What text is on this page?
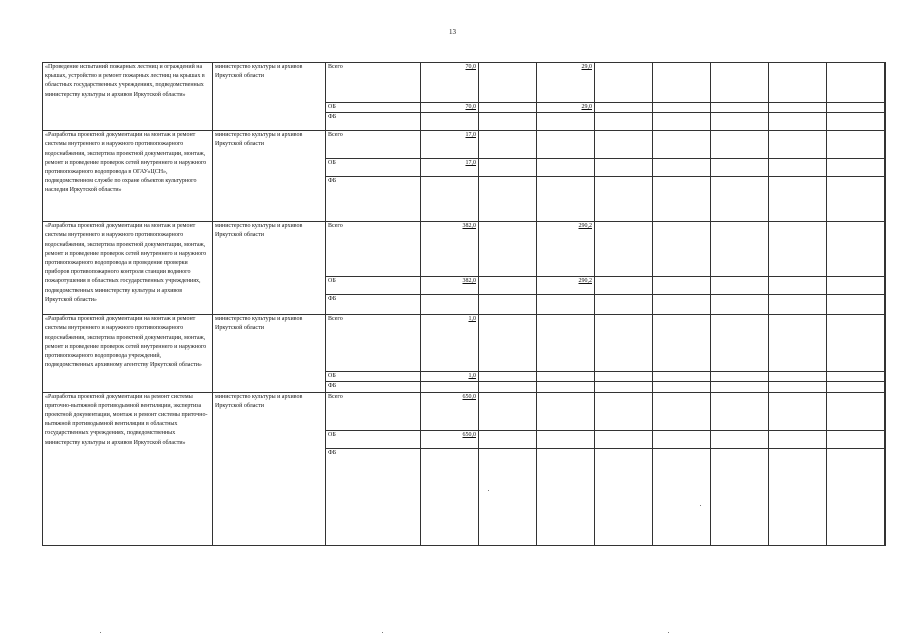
13
«Проведение испытаний пожарных лестниц и ограждений на крышах, устройство и ремонт пожарных лестниц на крышах в областных государственных учреждениях, подведомственных министерству культуры и архивов Иркутской области»	министерство культуры и архивов Иркутской области	Всего	70,0		29,0						
		ОБ	70,0		29,0						
		ФБ									
«Разработка проектной документации на монтаж и ремонт системы внутреннего и наружного противопожарного водоснабжения, экспертиза проектной документации, монтаж, ремонт и проведение проверок сетей внутреннего и наружного противопожарного водопровода в ОГАУ«ЦСН», подведомственном службе по охране объектов культурного наследия Иркутской области»	министерство культуры и архивов Иркутской области	Всего	17,0								
		ОБ	17,0								
		ФБ									
«Разработка проектной документации на монтаж и ремонт системы внутреннего и наружного противопожарного водоснабжения, экспертиза проектной документации, монтаж, ремонт и проведение проверок сетей внутреннего и наружного противопожарного водопровода и проведение проверки приборов противопожарного контроля станции водяного пожаротушения в областных государственных учреждениях, подведомственных министерству культуры и архивов Иркутской области»	министерство культуры и архивов Иркутской области	Всего	382,0		290,2						
		ОБ	382,0		290,2						
		ФБ									
«Разработка проектной документации на монтаж и ремонт системы внутреннего и наружного противопожарного водоснабжения, экспертиза проектной документации, монтаж, ремонт и проведение проверок сетей внутреннего и наружного противопожарного водопровода учреждений, подведомственных архивному агентству Иркутской области»	министерство культуры и архивов Иркутской области	Всего	1,0								
		ОБ	1,0								
		ФБ									
«Разработка проектной документации на ремонт системы приточно-вытяжной противодымной вентиляции, экспертиза проектной документации, монтаж и ремонт системы приточно-вытяжной противодымной вентиляции в областных государственных учреждениях, подведомственных министерству культуры и архивов Иркутской области»	министерство культуры и архивов Иркутской области	Всего	650,0								
		ОБ	650,0								
		ФБ									
